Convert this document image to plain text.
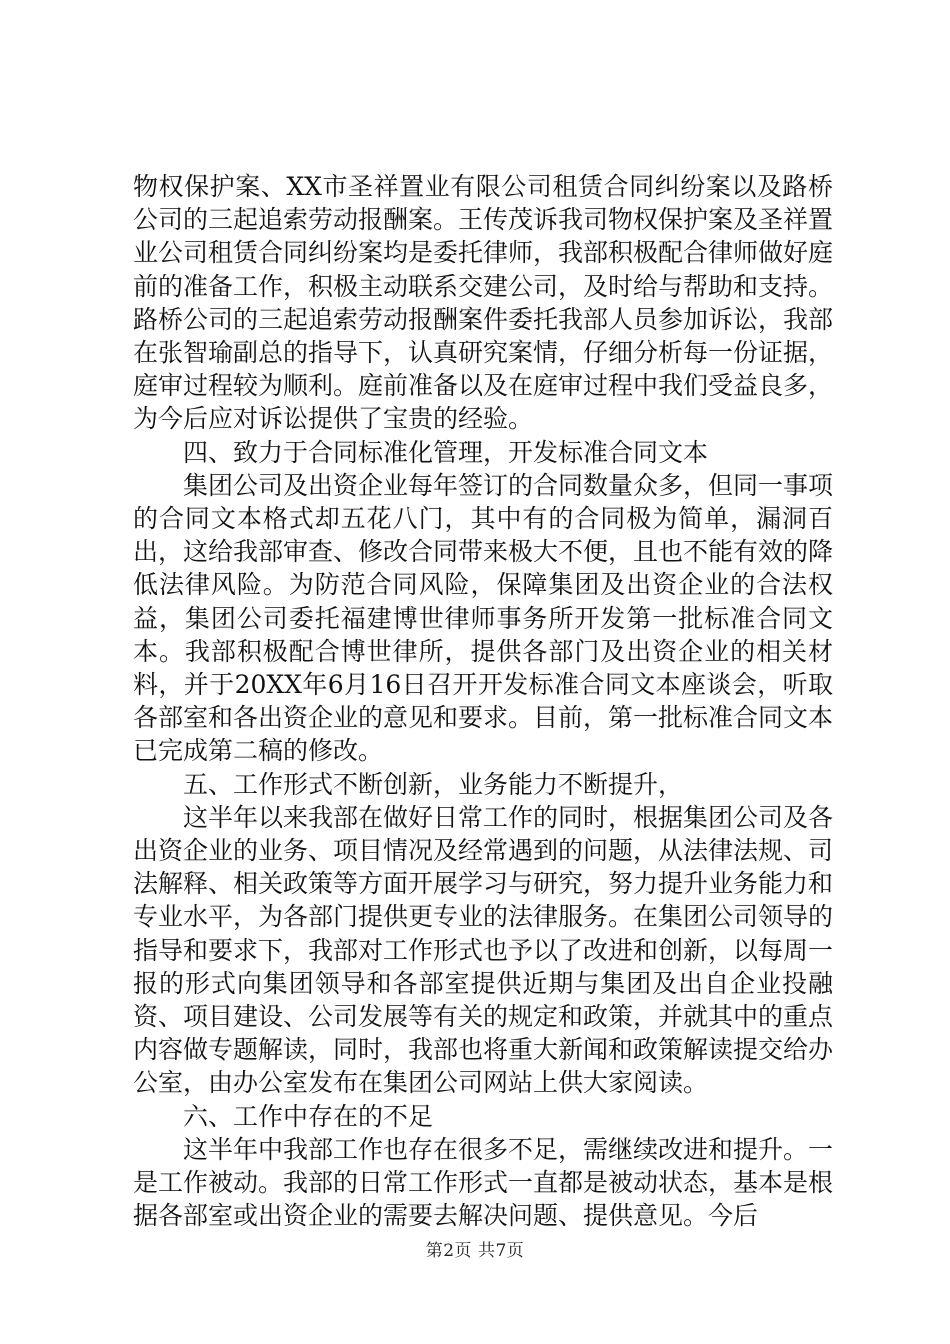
物权保护案、XX市圣祥置业有限公司租赁合同纠纷案以及路桥公司的三起追索劳动报酬案。王传茂诉我司物权保护案及圣祥置业公司租赁合同纠纷案均是委托律师，我部积极配合律师做好庭前的准备工作，积极主动联系交建公司，及时给与帮助和支持。路桥公司的三起追索劳动报酬案件委托我部人员参加诉讼，我部在张智瑜副总的指导下，认真研究案情，仔细分析每一份证据，庭审过程较为顺利。庭前准备以及在庭审过程中我们受益良多，为今后应对诉讼提供了宝贵的经验。

四、致力于合同标准化管理，开发标准合同文本

集团公司及出资企业每年签订的合同数量众多，但同一事项的合同文本格式却五花八门，其中有的合同极为简单，漏洞百出，这给我部审查、修改合同带来极大不便，且也不能有效的降低法律风险。为防范合同风险，保障集团及出资企业的合法权益，集团公司委托福建博世律师事务所开发第一批标准合同文本。我部积极配合博世律所，提供各部门及出资企业的相关材料，并于20XX年6月16日召开开发标准合同文本座谈会，听取各部室和各出资企业的意见和要求。目前，第一批标准合同文本已完成第二稿的修改。

五、工作形式不断创新，业务能力不断提升，

这半年以来我部在做好日常工作的同时，根据集团公司及各出资企业的业务、项目情况及经常遇到的问题，从法律法规、司法解释、相关政策等方面开展学习与研究，努力提升业务能力和专业水平，为各部门提供更专业的法律服务。在集团公司领导的指导和要求下，我部对工作形式也予以了改进和创新，以每周一报的形式向集团领导和各部室提供近期与集团及出自企业投融资、项目建设、公司发展等有关的规定和政策，并就其中的重点内容做专题解读，同时，我部也将重大新闻和政策解读提交给办公室，由办公室发布在集团公司网站上供大家阅读。

六、工作中存在的不足

这半年中我部工作也存在很多不足，需继续改进和提升。一是工作被动。我部的日常工作形式一直都是被动状态，基本是根据各部室或出资企业的需要去解决问题、提供意见。今后

第2页 共7页
